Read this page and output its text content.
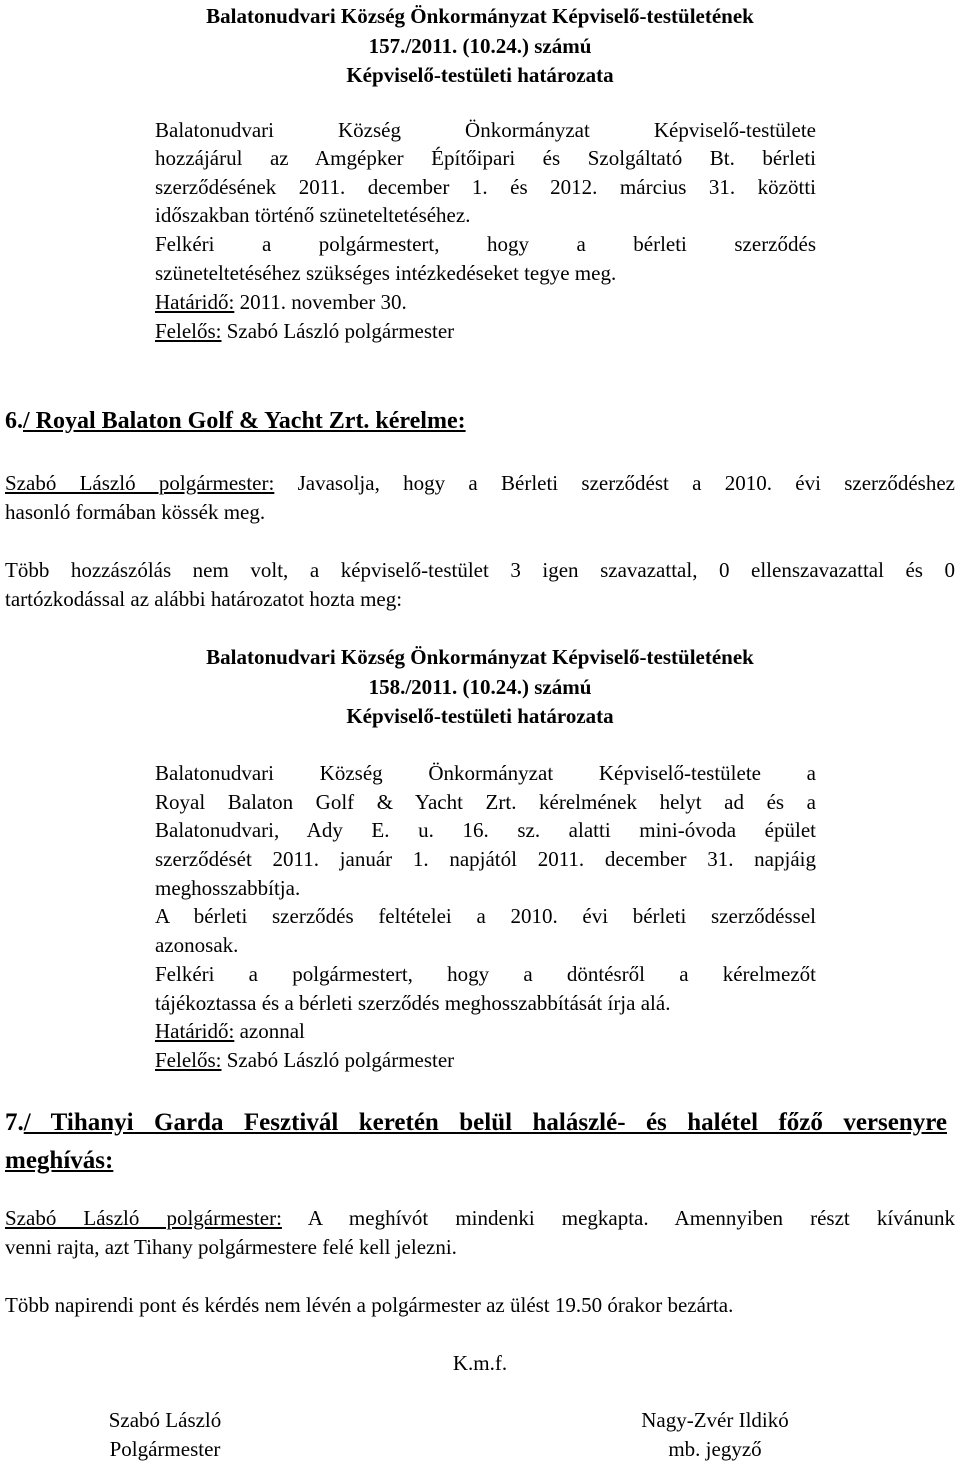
Balatonudvari Község Önkormányzat Képviselő-testületének
157./2011. (10.24.) számú
Képviselő-testületi határozata
Balatonudvari Község Önkormányzat Képviselő-testülete
hozzájárul az Amgépker Építőipari és Szolgáltató Bt. bérleti
szerződésének 2011. december 1. és 2012. március 31. közötti
időszakban történő szüneteltetéséhez.
Felkéri a polgármestert, hogy a bérleti szerződés
szüneteltetéséhez szükséges intézkedéseket tegye meg.
Határidő: 2011. november 30.
Felelős: Szabó László polgármester
6./ Royal Balaton Golf & Yacht Zrt. kérelme:
Szabó László polgármester: Javasolja, hogy a Bérleti szerződést a 2010. évi szerződéshez
hasonló formában kössék meg.
Több hozzászólás nem volt, a képviselő-testület 3 igen szavazattal, 0 ellenszavazattal és 0
tartózkodással az alábbi határozatot hozta meg:
Balatonudvari Község Önkormányzat Képviselő-testületének
158./2011. (10.24.) számú
Képviselő-testületi határozata
Balatonudvari Község Önkormányzat Képviselő-testülete a
Royal Balaton Golf & Yacht Zrt. kérelmének helyt ad és a
Balatonudvari, Ady E. u. 16. sz. alatti mini-óvoda épület
szerződését 2011. január 1. napjától 2011. december 31. napjáig
meghosszabbítja.
A bérleti szerződés feltételei a 2010. évi bérleti szerződéssel
azonosak.
Felkéri a polgármestert, hogy a döntésről a kérelmezőt
tájékoztassa és a bérleti szerződés meghosszabbítását írja alá.
Határidő: azonnal
Felelős: Szabó László polgármester
7./ Tihanyi Garda Fesztivál keretén belül halászlé- és halétel főző versenyre
meghívás:
Szabó László polgármester: A meghívót mindenki megkapta. Amennyiben részt kívánunk
venni rajta, azt Tihany polgármestere felé kell jelezni.
Több napirendi pont és kérdés nem lévén a polgármester az ülést 19.50 órakor bezárta.
K.m.f.
Szabó László
Polgármester
Nagy-Zvér Ildikó
mb. jegyző
